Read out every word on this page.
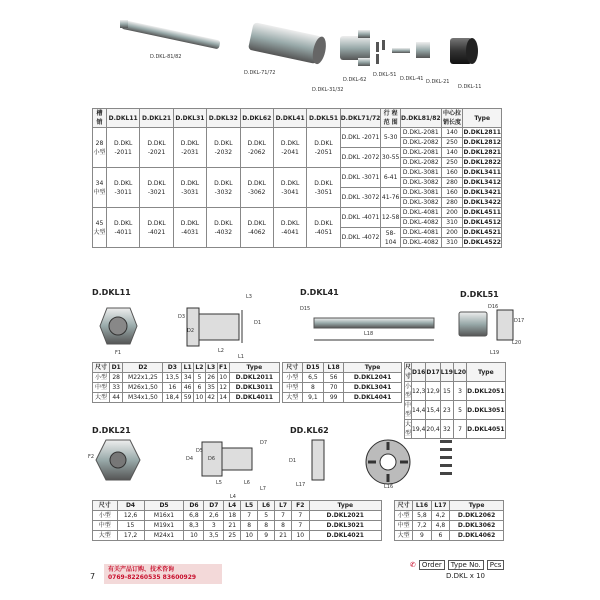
D.DKL-81/82
D.DKL-71/72
D.DKL-31/32
D.DKL-62
D.DKL-51
D.DKL-41 D.DKL-21
D.DKL-11
槽 销	D.DKL11	D.DKL21	D.DKL31	D.DKL32	D.DKL62	D.DKL41	D.DKL51	D.DKL71/72	行 程 范 围	D.DKL81/82	中心拉销长度	Type
28 小型	D.DKL -2011	D.DKL -2021	D.DKL -2031	D.DKL -2032	D.DKL -2062	D.DKL -2041	D.DKL -2051	D.DKL -2071	5-30	D.DKL-2081	140	D.DKL2811
										D.DKL-2082	250	D.DKL2812
								D.DKL -2072	30-55	D.DKL-2081	140	D.DKL2821
										D.DKL-2082	250	D.DKL2822
34 中型	D.DKL -3011	D.DKL -3021	D.DKL -3031	D.DKL -3032	D.DKL -3062	D.DKL -3041	D.DKL -3051	D.DKL -3071	6-41	D.DKL-3081	160	D.DKL3411
										D.DKL-3082	280	D.DKL3412
								D.DKL -3072	41-76	D.DKL-3081	160	D.DKL3421
										D.DKL-3082	280	D.DKL3422
45 大型	D.DKL -4011	D.DKL -4021	D.DKL -4031	D.DKL -4032	D.DKL -4062	D.DKL -4041	D.DKL -4051	D.DKL -4071	12-58	D.DKL-4081	200	D.DKL4511
										D.DKL-4082	310	D.DKL4512
								D.DKL -4072	58-104	D.DKL-4081	200	D.DKL4521
										D.DKL-4082	310	D.DKL4522
D.DKL11	D.DKL41	D.DKL51
D.DKL21	DD.KL62
L3
L2
L1
F1
D3
D2
D1
D15
L18
D16
D17
L19
L20
尺寸	D1	D2	D3	L1	L2	L3	F1	Type
小型	28	M22x1,25	13,5	34	5	26	10	D.DKL2011
中型	33	M26x1,50	16	46	6	35	12	D.DKL3011
大型	44	M34x1,50	18,4	59	10	42	14	D.DKL4011
尺寸	D15	L18	Type
小型	6,5	56	D.DKL2041
中型	8	70	D.DKL3041
大型	9,1	99	D.DKL4041
尺寸	D16	D17	L19	L20	Type
小型	12,3	12,9	15	3	D.DKL2051
中型	14,4	15,4	23	5	D.DKL3051
大型	19,4	20,4	32	7	D.DKL4051
F2
D5
D6
D4
L4
L5	L6
L7
D7
D1
L17	L16
尺寸	D4	D5	D6	D7	L4	L5	L6	L7	F2	Type
小型	12,6	M16x1	6,8	2,6	18	7	5	7	7	D.DKL2021
中型	15	M19x1	8,3	3	21	8	8	8	7	D.DKL3021
大型	17,2	M24x1	10	3,5	25	10	9	21	10	D.DKL4021
尺寸	L16	L17	Type
小型	5,8	4,2	D.DKL2062
中型	7,2	4,8	D.DKL3062
大型	9	6	D.DKL4062
7
有关产品订购、技术咨询
0769-82260535 83600929
✆ Order	Type No.	Pcs
D.DKL x 10
